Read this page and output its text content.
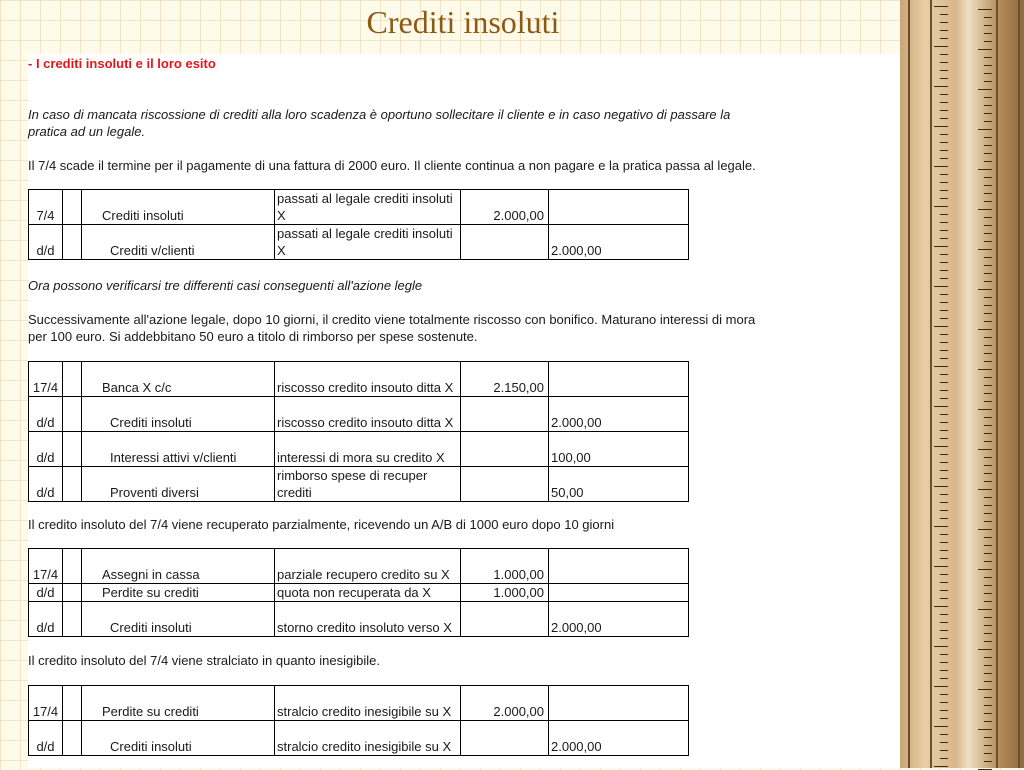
Crediti insoluti
- I crediti insoluti e il loro esito
In caso di mancata riscossione di crediti alla loro scadenza è oportuno sollecitare il cliente e in caso negativo di passare la
pratica ad un legale.
Il 7/4 scade il termine per il pagamente di una fattura di 2000 euro. Il cliente continua a non pagare e la pratica passa al legale.
7/4		Crediti insoluti	passati al legale crediti insoluti X	2.000,00	
d/d		Crediti v/clienti	passati al legale crediti insoluti X		2.000,00
Ora possono verificarsi tre differenti casi conseguenti all'azione legle
Successivamente all'azione legale, dopo 10 giorni, il credito viene totalmente riscosso con bonifico. Maturano interessi di mora
per 100 euro. Si addebbitano 50 euro a titolo di rimborso per spese sostenute.
17/4		Banca X c/c	riscosso credito insouto ditta X	2.150,00	
d/d		Crediti insoluti	riscosso credito insouto ditta X		2.000,00
d/d		Interessi attivi v/clienti	interessi di mora su credito X		100,00
d/d		Proventi diversi	rimborso spese di recuper crediti		50,00
Il credito insoluto del 7/4 viene recuperato parzialmente, ricevendo un A/B di 1000 euro dopo 10 giorni
17/4		Assegni in cassa	parziale recupero credito su X	1.000,00	
d/d		Perdite su crediti	quota non recuperata da X	1.000,00	
d/d		Crediti insoluti	storno credito insoluto verso X		2.000,00
Il credito insoluto del 7/4 viene stralciato in quanto inesigibile.
17/4		Perdite su crediti	stralcio credito inesigibile su X	2.000,00	
d/d		Crediti insoluti	stralcio credito inesigibile su X		2.000,00
